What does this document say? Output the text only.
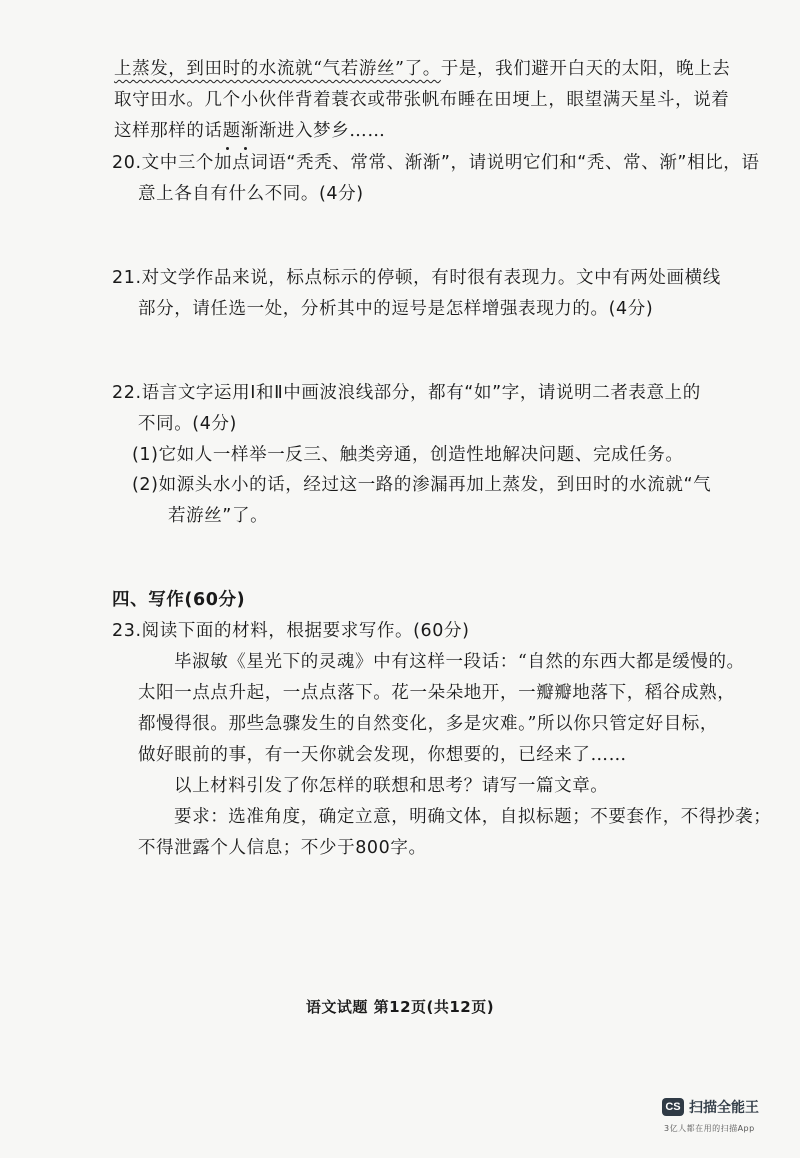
上蒸发，到田时的水流就“气若游丝”了。于是，我们避开白天的太阳，晚上去
取守田水。几个小伙伴背着蓑衣或带张帆布睡在田埂上，眼望满天星斗，说着
这样那样的话题渐渐进入梦乡……
20.文中三个加点词语“秃秃、常常、渐渐”，请说明它们和“秃、常、渐”相比，语
意上各自有什么不同。(4分)
21.对文学作品来说，标点标示的停顿，有时很有表现力。文中有两处画横线
部分，请任选一处，分析其中的逗号是怎样增强表现力的。(4分)
22.语言文字运用Ⅰ和Ⅱ中画波浪线部分，都有“如”字，请说明二者表意上的
不同。(4分)
(1)它如人一样举一反三、触类旁通，创造性地解决问题、完成任务。
(2)如源头水小的话，经过这一路的渗漏再加上蒸发，到田时的水流就“气
若游丝”了。
四、写作(60分)
23.阅读下面的材料，根据要求写作。(60分)
毕淑敏《星光下的灵魂》中有这样一段话：“自然的东西大都是缓慢的。
太阳一点点升起，一点点落下。花一朵朵地开，一瓣瓣地落下，稻谷成熟，
都慢得很。那些急骤发生的自然变化，多是灾难。”所以你只管定好目标，
做好眼前的事，有一天你就会发现，你想要的，已经来了……
以上材料引发了你怎样的联想和思考？请写一篇文章。
要求：选准角度，确定立意，明确文体，自拟标题；不要套作，不得抄袭；
不得泄露个人信息；不少于800字。
语文试题 第12页(共12页)
CS 扫描全能王
3亿人都在用的扫描App
